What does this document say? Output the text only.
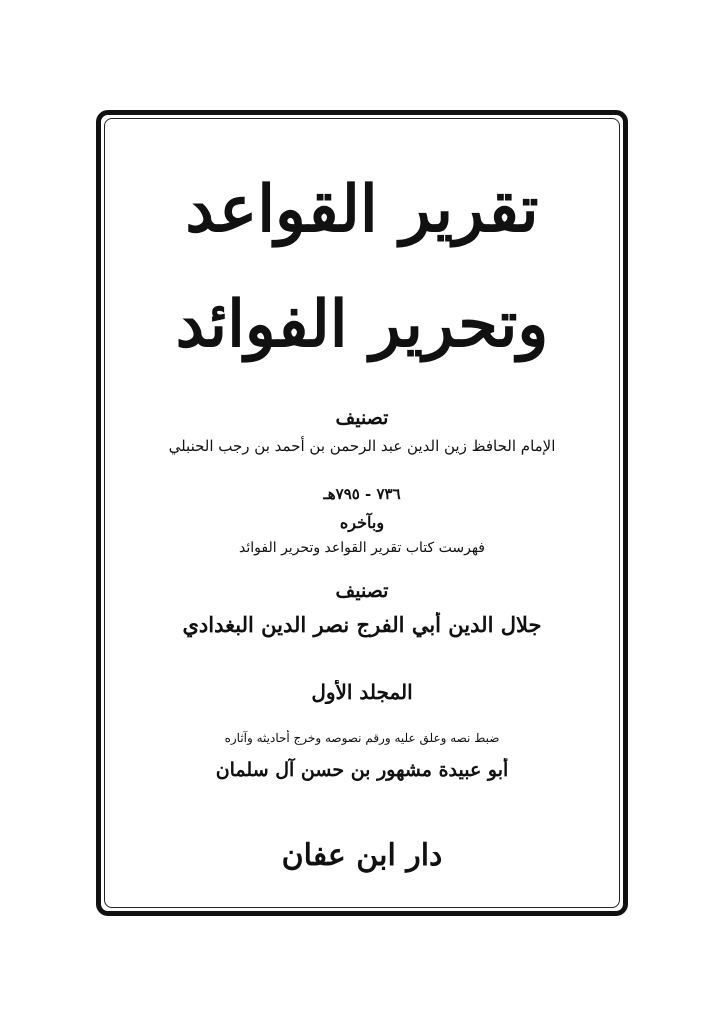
تقرير القواعد
وتحرير الفوائد
تصنيف
الإمام الحافظ زين الدين عبد الرحمن بن أحمد بن رجب الحنبلي
٧٣٦ - ٧٩٥هـ
وبآخره
فهرست كتاب تقرير القواعد وتحرير الفوائد
تصنيف
جلال الدين أبي الفرج نصر الدين البغدادي
المجلد الأول
ضبط نصه وعلق عليه ورقم نصوصه وخرج أحاديثه وآثاره
أبو عبيدة مشهور بن حسن آل سلمان
دار ابن عفان
